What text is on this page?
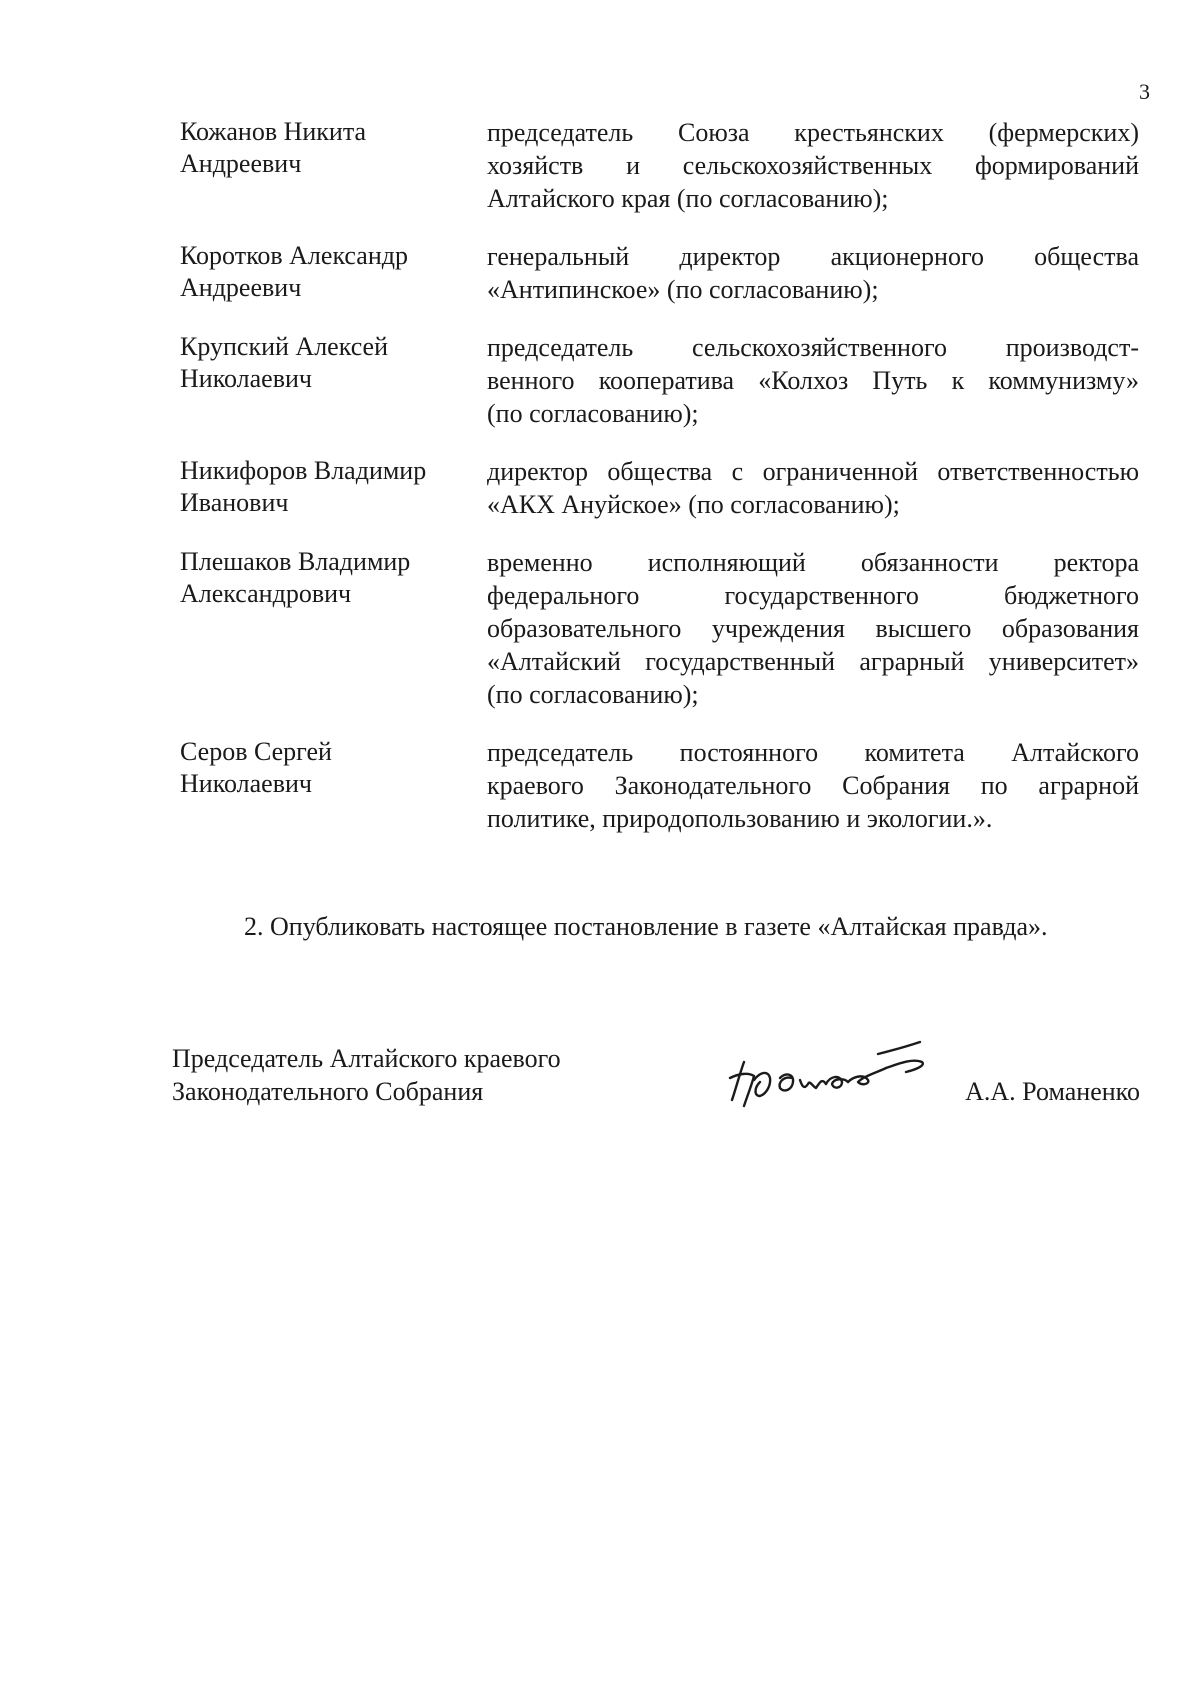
3
Кожанов Никита
Андреевич
председатель Союза крестьянских (фермерских)
хозяйств и сельскохозяйственных формирований
Алтайского края (по согласованию);
Коротков Александр
Андреевич
генеральный директор акционерного общества
«Антипинское» (по согласованию);
Крупский Алексей
Николаевич
председатель сельскохозяйственного производст-
венного кооператива «Колхоз Путь к коммунизму»
(по согласованию);
Никифоров Владимир
Иванович
директор общества с ограниченной ответственностью
«АКХ Ануйское» (по согласованию);
Плешаков Владимир
Александрович
временно исполняющий обязанности ректора
федерального государственного бюджетного
образовательного учреждения высшего образования
«Алтайский государственный аграрный университет»
(по согласованию);
Серов Сергей
Николаевич
председатель постоянного комитета Алтайского
краевого Законодательного Собрания по аграрной
политике, природопользованию и экологии.».
2. Опубликовать настоящее постановление в газете «Алтайская правда».
Председатель Алтайского краевого
Законодательного Собрания	А.А. Романенко
